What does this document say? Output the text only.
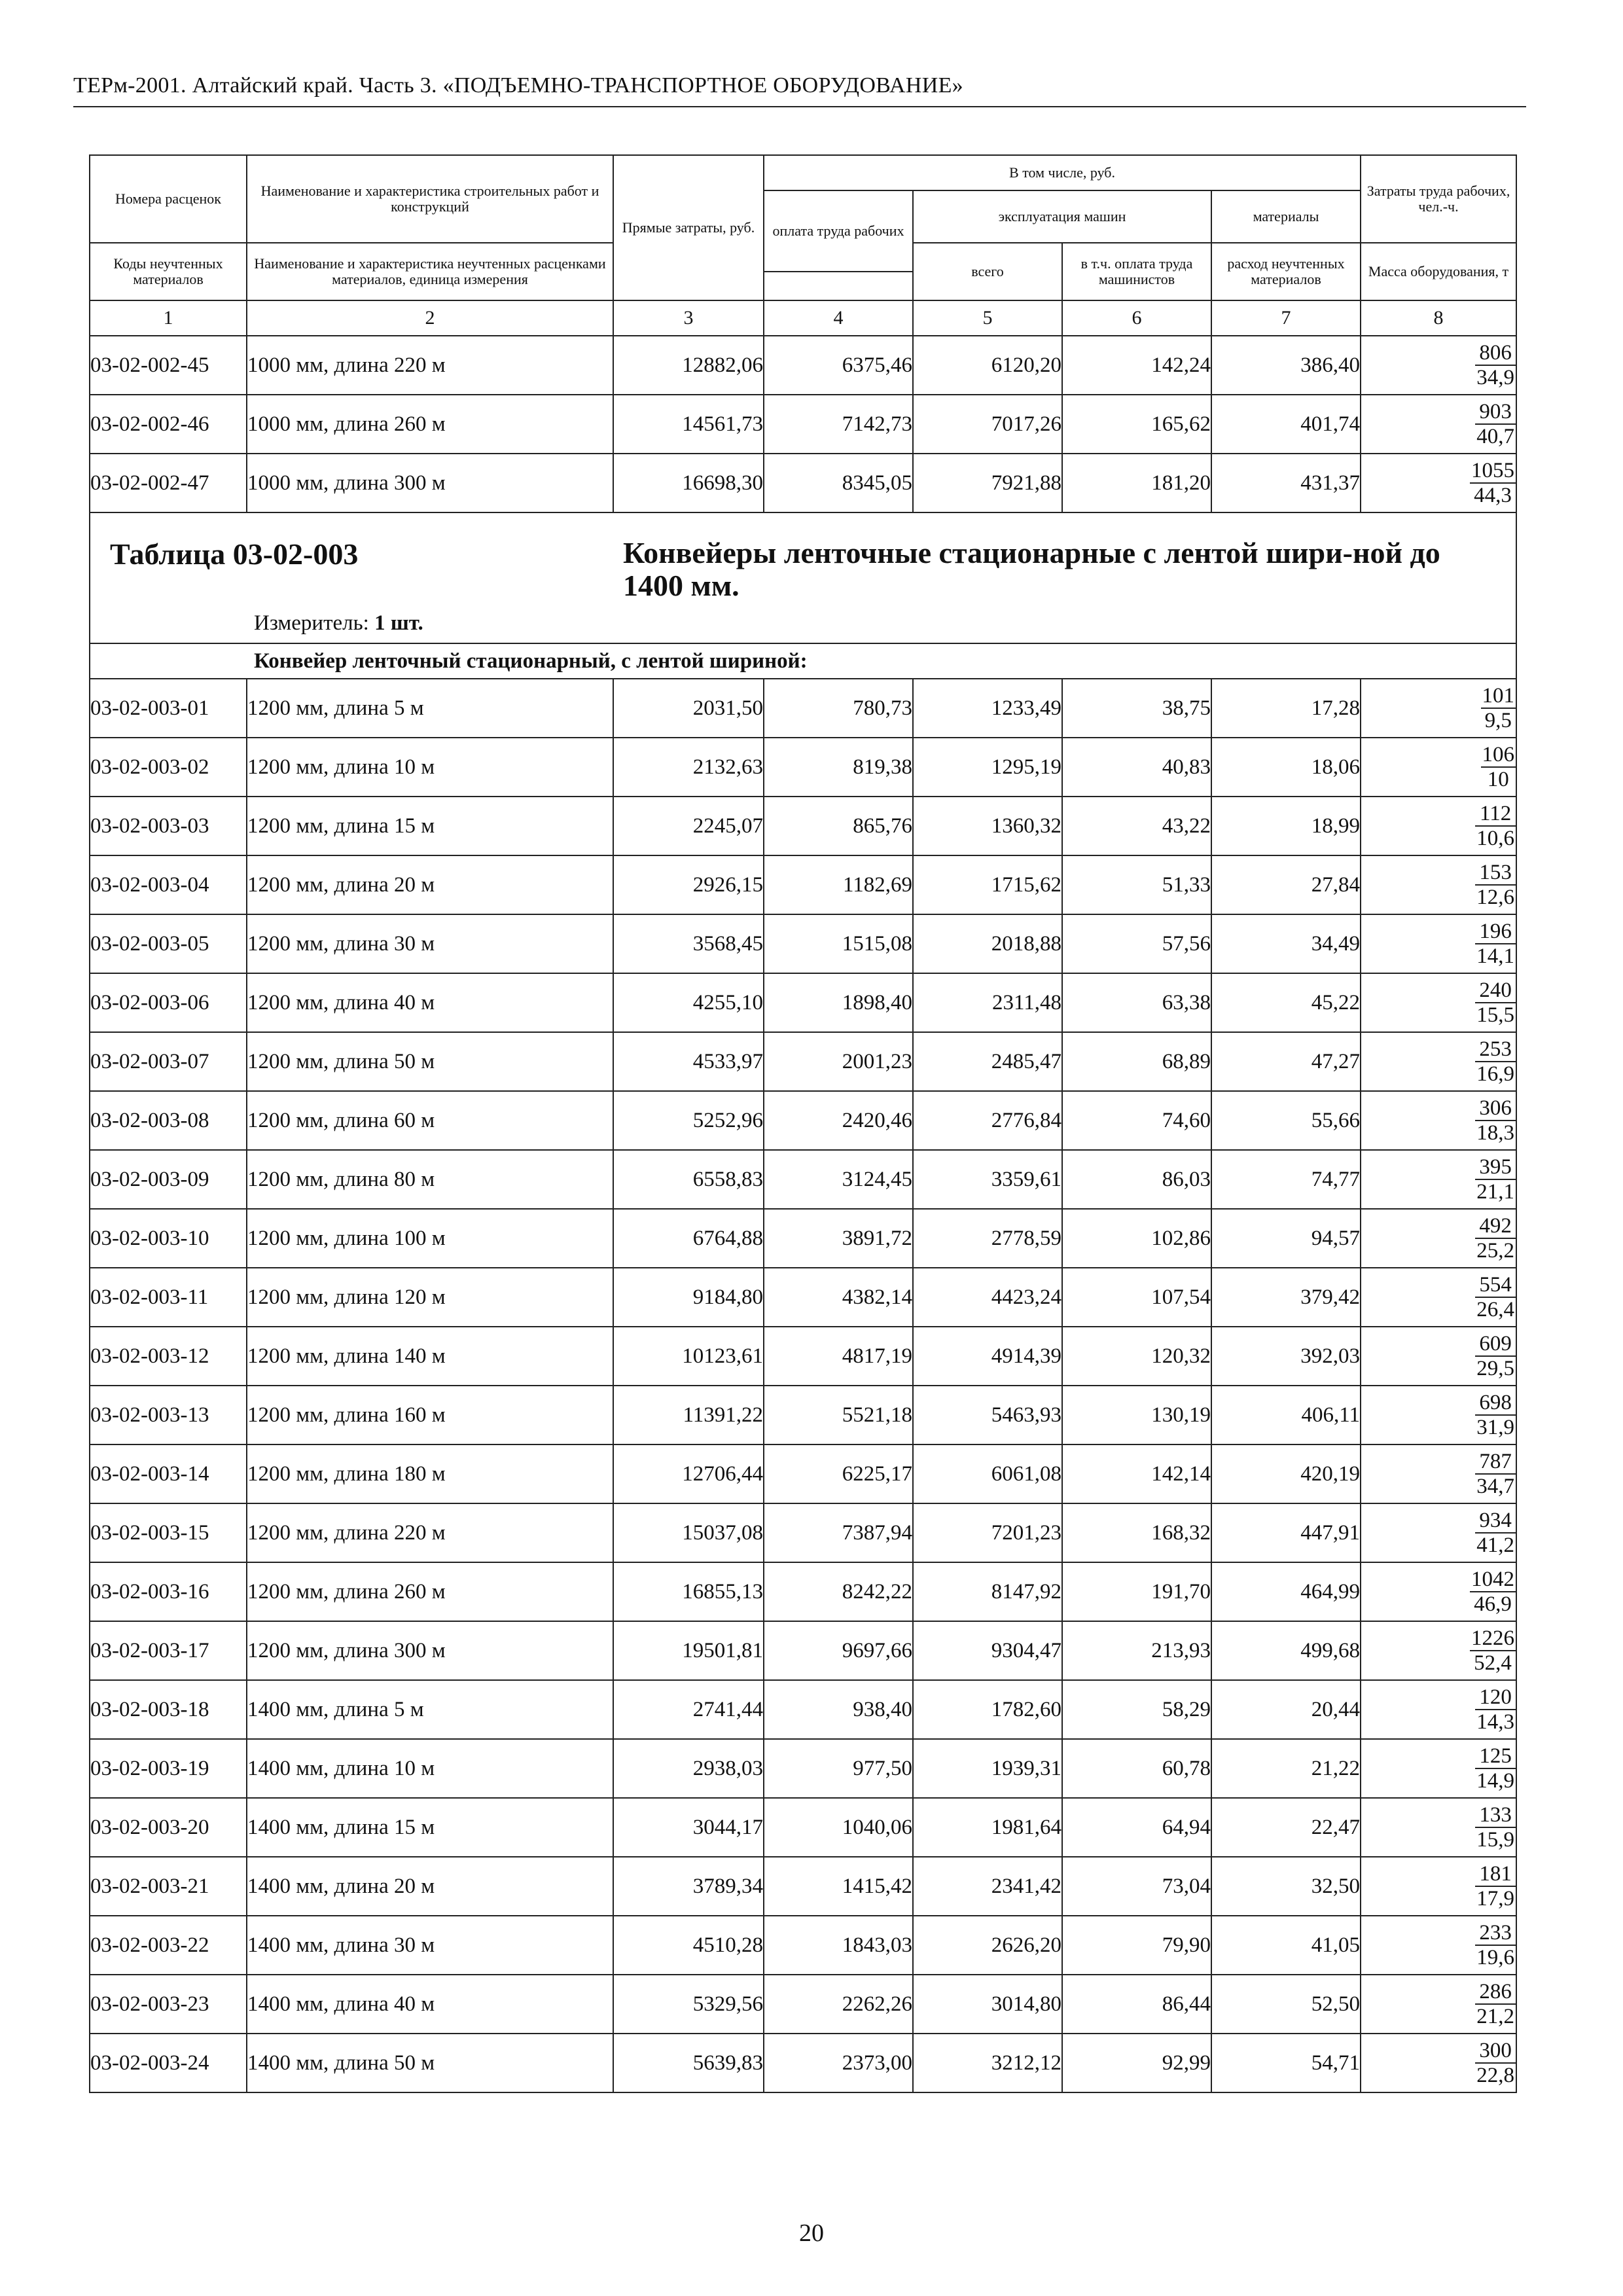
ТЕРм-2001. Алтайский край. Часть 3. «ПОДЪЕМНО-ТРАНСПОРТНОЕ ОБОРУДОВАНИЕ»
Номера расценок	Наименование и характеристика строительных работ и конструкций	Прямые затраты, руб.	В том числе, руб.				Затраты труда рабочих, чел.-ч.
			оплата труда рабочих	эксплуатация машин		материалы	

Коды неучтенных материалов	Наименование и характеристика неучтенных расценками материалов, единица измерения			всего	в т.ч. оплата труда машинистов	расход неучтенных материалов	Масса оборудования, т

1	2	3	4	5	6	7	8
03-02-002-45	1000 мм, длина 220 м	12882,06	6375,46	6120,20	142,24	386,40	$\frac{806}{34,9}$

03-02-002-46	1000 мм, длина 260 м	14561,73	7142,73	7017,26	165,62	401,74	$\frac{903}{40,7}$

03-02-002-47	1000 мм, длина 300 м	16698,30	8345,05	7921,88	181,20	431,37	$\frac{1055}{44,3}$

Таблица 03-02-003 Конвейеры ленточные стационарные с лентой шири-ной до 1400 мм.
Измеритель: 1 шт.							

Конвейер ленточный стационарный, с лентой шириной:							
03-02-003-01	1200 мм, длина 5 м	2031,50	780,73	1233,49	38,75	17,28	$\frac{101}{9,5}$

03-02-003-02	1200 мм, длина 10 м	2132,63	819,38	1295,19	40,83	18,06	$\frac{106}{10}$

03-02-003-03	1200 мм, длина 15 м	2245,07	865,76	1360,32	43,22	18,99	$\frac{112}{10,6}$

03-02-003-04	1200 мм, длина 20 м	2926,15	1182,69	1715,62	51,33	27,84	$\frac{153}{12,6}$

03-02-003-05	1200 мм, длина 30 м	3568,45	1515,08	2018,88	57,56	34,49	$\frac{196}{14,1}$

03-02-003-06	1200 мм, длина 40 м	4255,10	1898,40	2311,48	63,38	45,22	$\frac{240}{15,5}$

03-02-003-07	1200 мм, длина 50 м	4533,97	2001,23	2485,47	68,89	47,27	$\frac{253}{16,9}$

03-02-003-08	1200 мм, длина 60 м	5252,96	2420,46	2776,84	74,60	55,66	$\frac{306}{18,3}$

03-02-003-09	1200 мм, длина 80 м	6558,83	3124,45	3359,61	86,03	74,77	$\frac{395}{21,1}$

03-02-003-10	1200 мм, длина 100 м	6764,88	3891,72	2778,59	102,86	94,57	$\frac{492}{25,2}$

03-02-003-11	1200 мм, длина 120 м	9184,80	4382,14	4423,24	107,54	379,42	$\frac{554}{26,4}$

03-02-003-12	1200 мм, длина 140 м	10123,61	4817,19	4914,39	120,32	392,03	$\frac{609}{29,5}$

03-02-003-13	1200 мм, длина 160 м	11391,22	5521,18	5463,93	130,19	406,11	$\frac{698}{31,9}$

03-02-003-14	1200 мм, длина 180 м	12706,44	6225,17	6061,08	142,14	420,19	$\frac{787}{34,7}$

03-02-003-15	1200 мм, длина 220 м	15037,08	7387,94	7201,23	168,32	447,91	$\frac{934}{41,2}$

03-02-003-16	1200 мм, длина 260 м	16855,13	8242,22	8147,92	191,70	464,99	$\frac{1042}{46,9}$

03-02-003-17	1200 мм, длина 300 м	19501,81	9697,66	9304,47	213,93	499,68	$\frac{1226}{52,4}$

03-02-003-18	1400 мм, длина 5 м	2741,44	938,40	1782,60	58,29	20,44	$\frac{120}{14,3}$

03-02-003-19	1400 мм, длина 10 м	2938,03	977,50	1939,31	60,78	21,22	$\frac{125}{14,9}$

03-02-003-20	1400 мм, длина 15 м	3044,17	1040,06	1981,64	64,94	22,47	$\frac{133}{15,9}$

03-02-003-21	1400 мм, длина 20 м	3789,34	1415,42	2341,42	73,04	32,50	$\frac{181}{17,9}$

03-02-003-22	1400 мм, длина 30 м	4510,28	1843,03	2626,20	79,90	41,05	$\frac{233}{19,6}$

03-02-003-23	1400 мм, длина 40 м	5329,56	2262,26	3014,80	86,44	52,50	$\frac{286}{21,2}$

03-02-003-24	1400 мм, длина 50 м	5639,83	2373,00	3212,12	92,99	54,71	$\frac{300}{22,8}$
20
